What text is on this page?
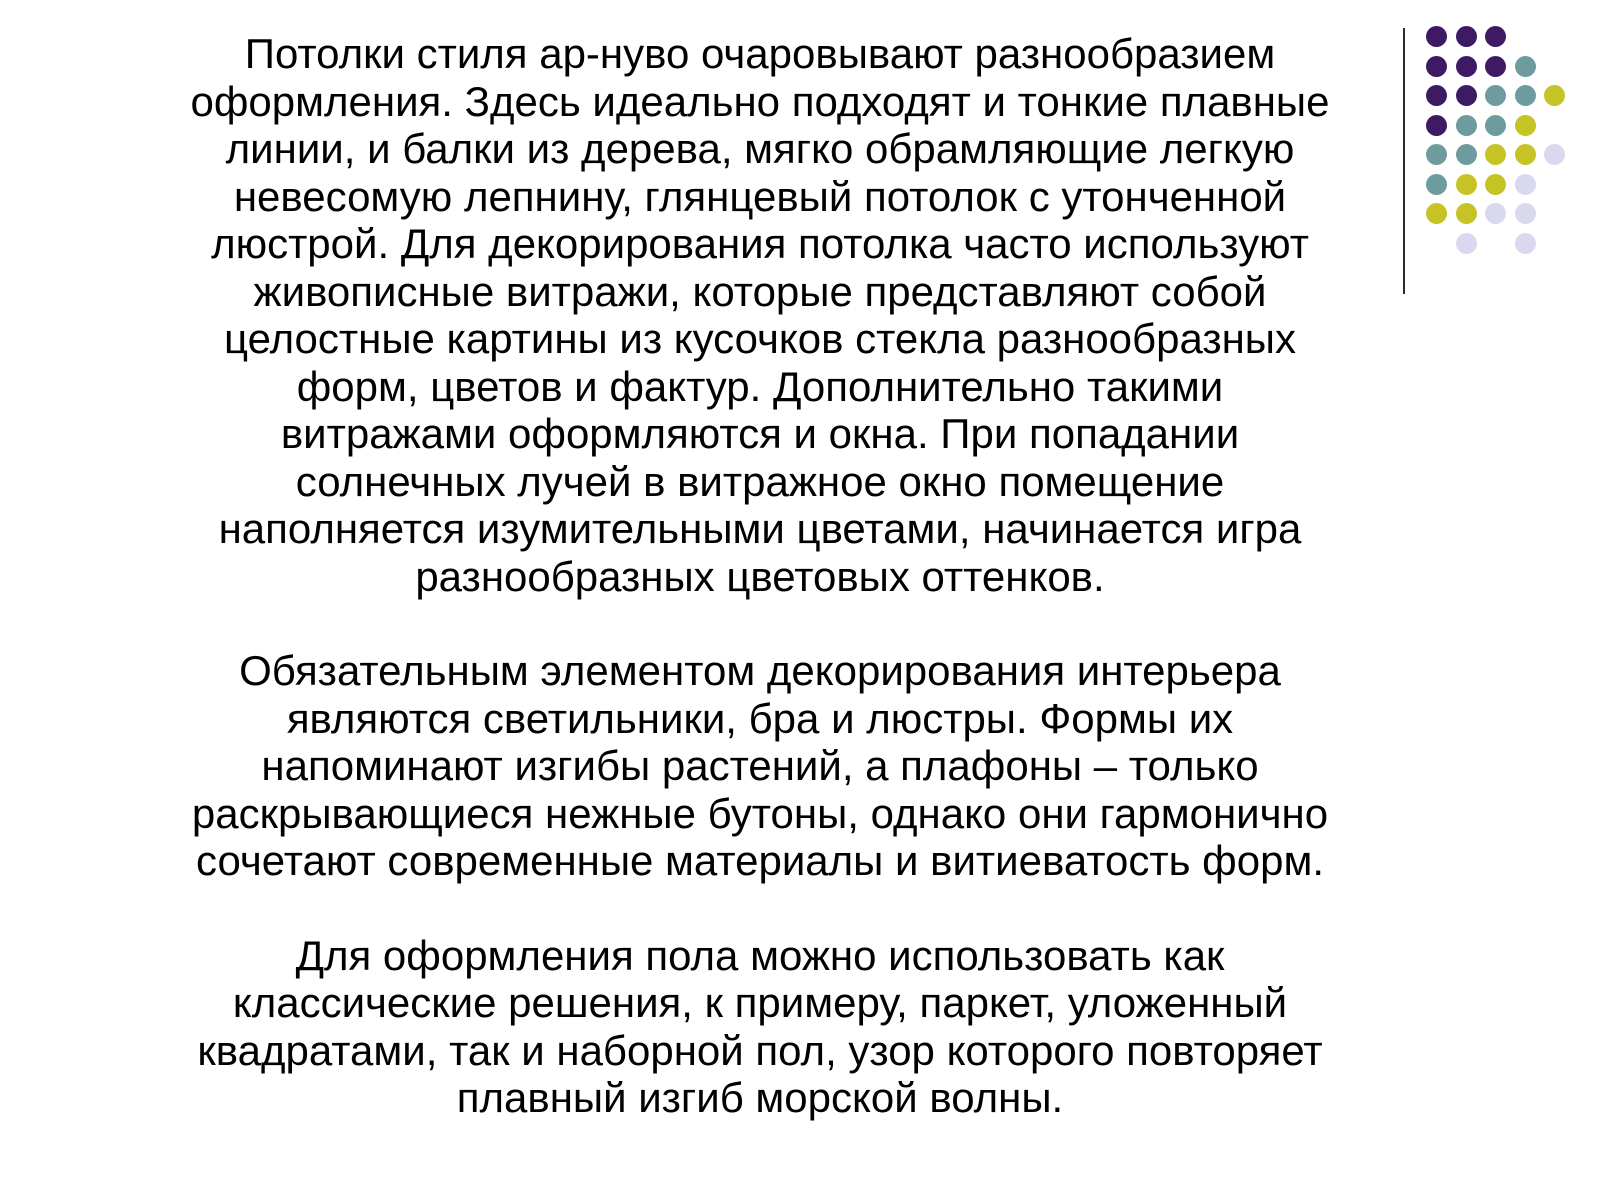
Потолки стиля ар-нуво очаровывают разнообразием
оформления. Здесь идеально подходят и тонкие плавные
линии, и балки из дерева, мягко обрамляющие легкую
невесомую лепнину, глянцевый потолок с утонченной
люстрой. Для декорирования потолка часто используют
живописные витражи, которые представляют собой
целостные картины из кусочков стекла разнообразных
форм, цветов и фактур. Дополнительно такими
витражами оформляются и окна. При попадании
солнечных лучей в витражное окно помещение
наполняется изумительными цветами, начинается игра
разнообразных цветовых оттенков.

Обязательным элементом декорирования интерьера
являются светильники, бра и люстры. Формы их
напоминают изгибы растений, а плафоны – только
раскрывающиеся нежные бутоны, однако они гармонично
сочетают современные материалы и витиеватость форм.

Для оформления пола можно использовать как
классические решения, к примеру, паркет, уложенный
квадратами, так и наборной пол, узор которого повторяет
плавный изгиб морской волны.
